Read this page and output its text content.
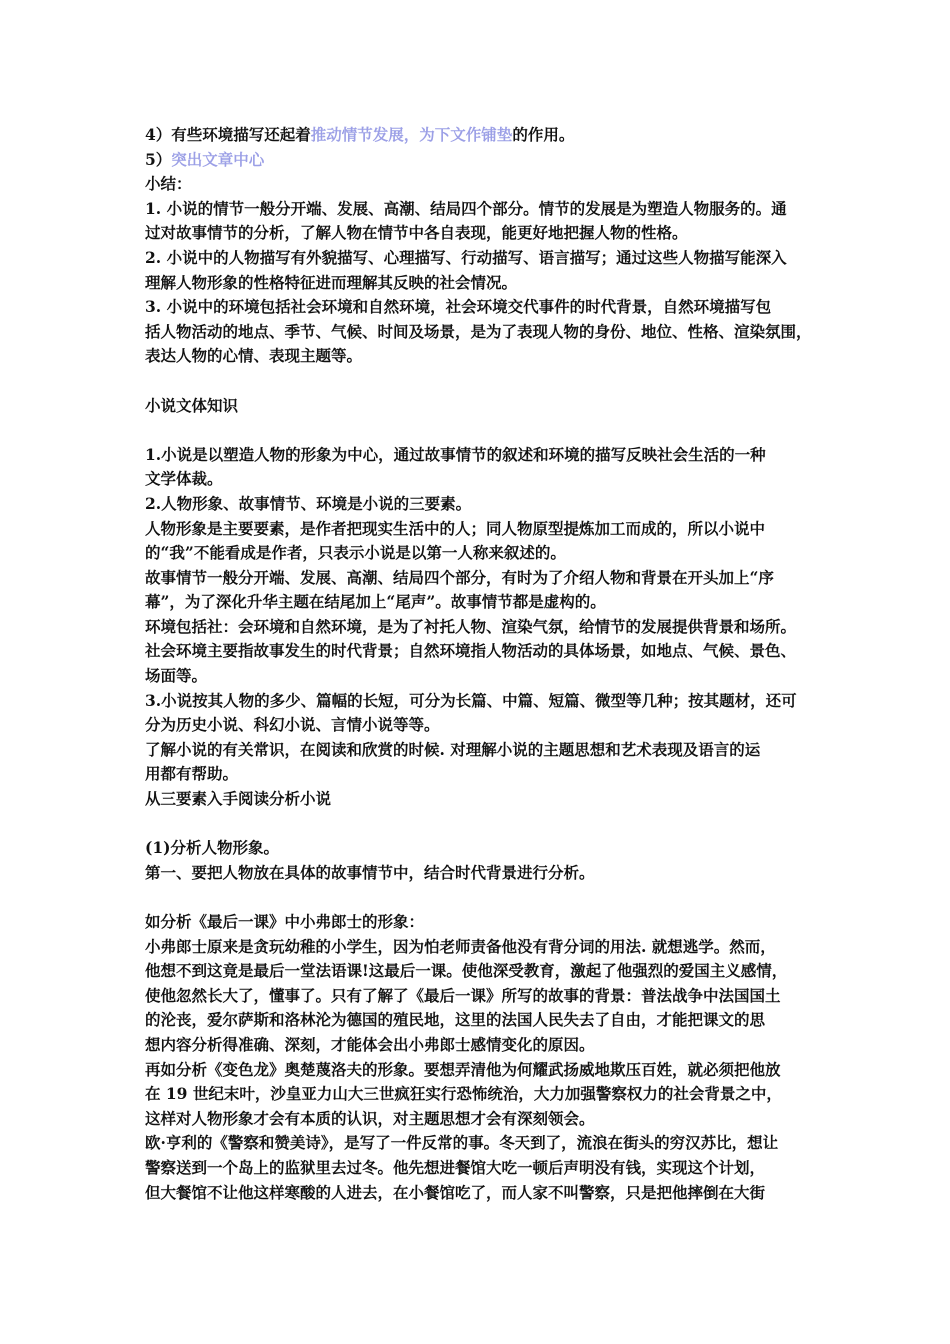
4）有些环境描写还起着推动情节发展，为下文作铺垫的作用。
5）突出文章中心
小结：
1. 小说的情节一般分开端、发展、高潮、结局四个部分。情节的发展是为塑造人物服务的。通
过对故事情节的分析，了解人物在情节中各自表现，能更好地把握人物的性格。
2. 小说中的人物描写有外貌描写、心理描写、行动描写、语言描写；通过这些人物描写能深入
理解人物形象的性格特征进而理解其反映的社会情况。
3. 小说中的环境包括社会环境和自然环境，社会环境交代事件的时代背景，自然环境描写包
括人物活动的地点、季节、气候、时间及场景，是为了表现人物的身份、地位、性格、渲染氛围，
表达人物的心情、表现主题等。
小说文体知识
1.小说是以塑造人物的形象为中心，通过故事情节的叙述和环境的描写反映社会生活的一种
文学体裁。
2.人物形象、故事情节、环境是小说的三要素。
人物形象是主要要素，是作者把现实生活中的人；同人物原型提炼加工而成的，所以小说中
的“我”不能看成是作者，只表示小说是以第一人称来叙述的。
故事情节一般分开端、发展、高潮、结局四个部分，有时为了介绍人物和背景在开头加上“序
幕”，为了深化升华主题在结尾加上“尾声”。故事情节都是虚构的。
环境包括社：会环境和自然环境，是为了衬托人物、渲染气氛，给情节的发展提供背景和场所。
社会环境主要指故事发生的时代背景；自然环境指人物活动的具体场景，如地点、气候、景色、
场面等。
3.小说按其人物的多少、篇幅的长短，可分为长篇、中篇、短篇、微型等几种；按其题材，还可
分为历史小说、科幻小说、言情小说等等。
了解小说的有关常识，在阅读和欣赏的时候. 对理解小说的主题思想和艺术表现及语言的运
用都有帮助。
从三要素入手阅读分析小说
(1)分析人物形象。
第一、要把人物放在具体的故事情节中，结合时代背景进行分析。
如分析《最后一课》中小弗郎士的形象：
小弗郎士原来是贪玩幼稚的小学生，因为怕老师责备他没有背分词的用法. 就想逃学。然而，
他想不到这竟是最后一堂法语课!这最后一课。使他深受教育，激起了他强烈的爱国主义感情，
使他忽然长大了，懂事了。只有了解了《最后一课》所写的故事的背景：普法战争中法国国土
的沦丧，爱尔萨斯和洛林沦为德国的殖民地，这里的法国人民失去了自由，才能把课文的思
想内容分析得准确、深刻，才能体会出小弗郎士感情变化的原因。
再如分析《变色龙》奥楚蔑洛夫的形象。要想弄清他为何耀武扬威地欺压百姓，就必须把他放
在 19 世纪末叶，沙皇亚力山大三世疯狂实行恐怖统治，大力加强警察权力的社会背景之中，
这样对人物形象才会有本质的认识，对主题思想才会有深刻领会。
欧·亨利的《警察和赞美诗》，是写了一件反常的事。冬天到了，流浪在街头的穷汉苏比，想让
警察送到一个岛上的监狱里去过冬。他先想进餐馆大吃一顿后声明没有钱，实现这个计划，
但大餐馆不让他这样寒酸的人进去，在小餐馆吃了，而人家不叫警察，只是把他摔倒在大街
